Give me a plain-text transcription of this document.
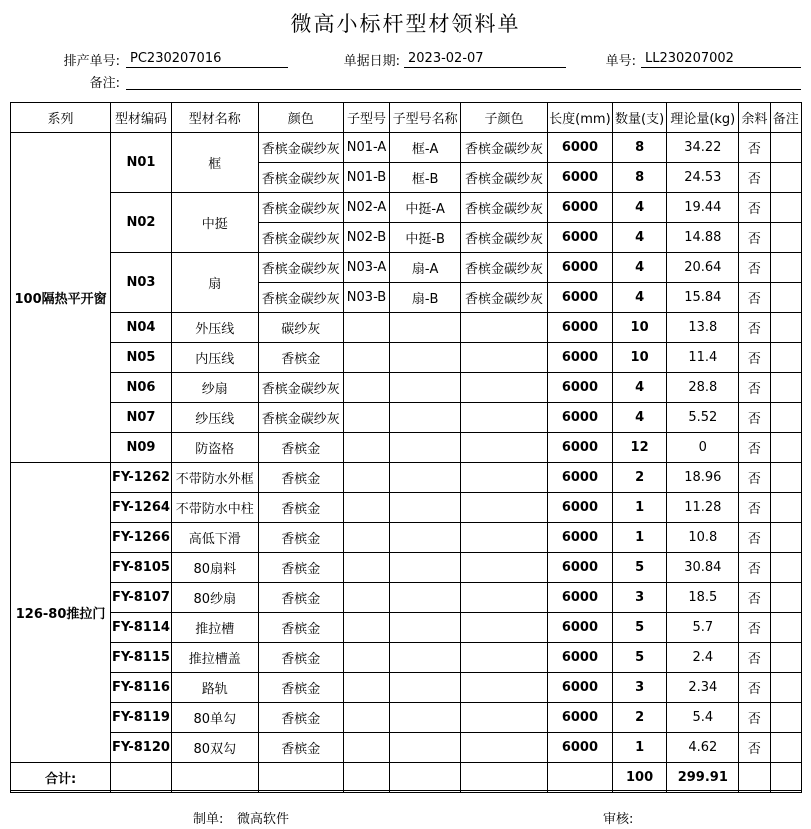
微高小标杆型材领料单
排产单号: PC230207016	单据日期: 2023-02-07	单号: LL230207002
备注:
系列	型材编码	型材名称	颜色	子型号	子型号名称	子颜色	长度(mm)	数量(支)	理论量(kg)	余料	备注
100隔热平开窗	N01	框	香槟金碳纱灰	N01-A	框-A	香槟金碳纱灰	6000	8	34.22	否	
			香槟金碳纱灰	N01-B	框-B	香槟金碳纱灰	6000	8	24.53	否	
	N02	中挺	香槟金碳纱灰	N02-A	中挺-A	香槟金碳纱灰	6000	4	19.44	否	
			香槟金碳纱灰	N02-B	中挺-B	香槟金碳纱灰	6000	4	14.88	否	
	N03	扇	香槟金碳纱灰	N03-A	扇-A	香槟金碳纱灰	6000	4	20.64	否	
			香槟金碳纱灰	N03-B	扇-B	香槟金碳纱灰	6000	4	15.84	否	
	N04	外压线	碳纱灰				6000	10	13.8	否	
	N05	内压线	香槟金				6000	10	11.4	否	
	N06	纱扇	香槟金碳纱灰				6000	4	28.8	否	
	N07	纱压线	香槟金碳纱灰				6000	4	5.52	否	
	N09	防盗格	香槟金				6000	12	0	否	
126-80推拉门	FY-1262	不带防水外框	香槟金				6000	2	18.96	否	
	FY-1264	不带防水中柱	香槟金				6000	1	11.28	否	
	FY-1266	高低下滑	香槟金				6000	1	10.8	否	
	FY-8105	80扇料	香槟金				6000	5	30.84	否	
	FY-8107	80纱扇	香槟金				6000	3	18.5	否	
	FY-8114	推拉槽	香槟金				6000	5	5.7	否	
	FY-8115	推拉槽盖	香槟金				6000	5	2.4	否	
	FY-8116	路轨	香槟金				6000	3	2.34	否	
	FY-8119	80单勾	香槟金				6000	2	5.4	否	
	FY-8120	80双勾	香槟金				6000	1	4.62	否	
合计:								100	299.91		
制单: 微高软件	审核:
